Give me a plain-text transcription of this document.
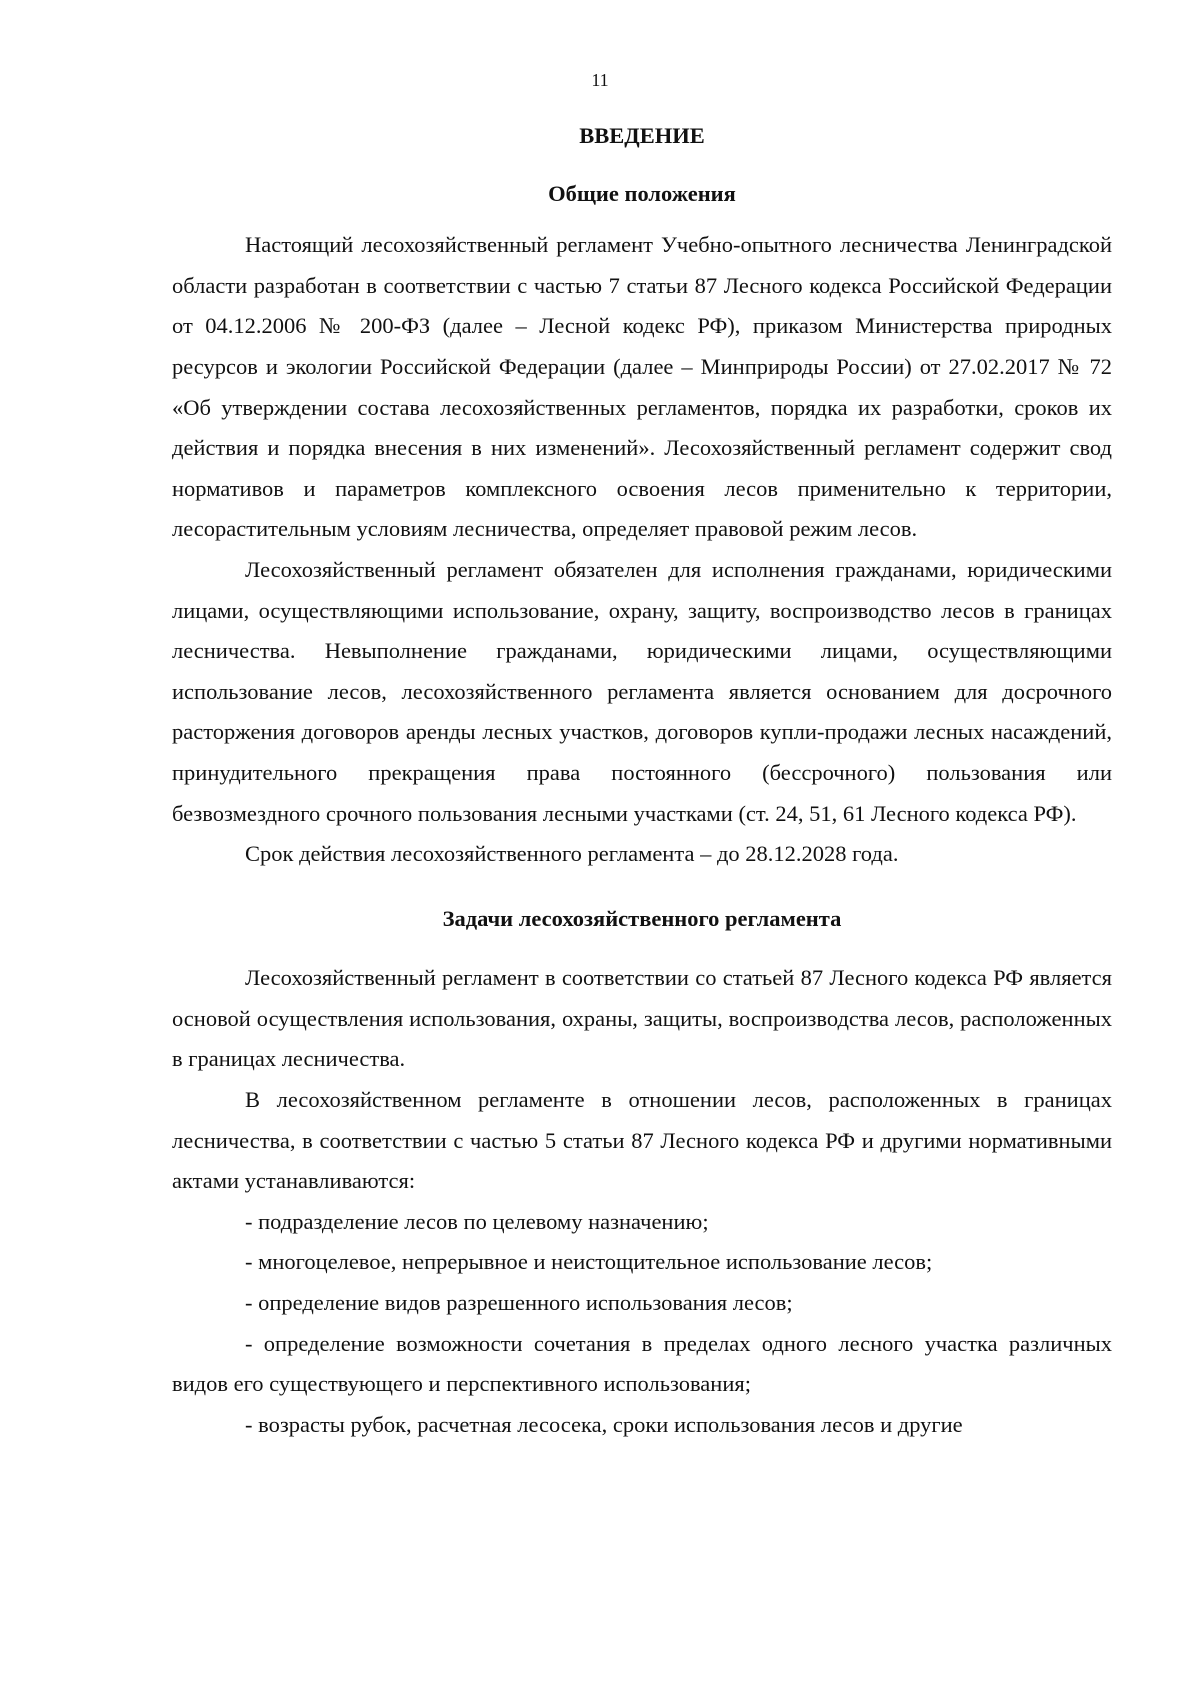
11
ВВЕДЕНИЕ
Общие положения

Настоящий лесохозяйственный регламент Учебно-опытного лесничества Ленинградской области разработан в соответствии с частью 7 статьи 87 Лесного кодекса Российской Федерации от 04.12.2006 № 200-ФЗ (далее – Лесной кодекс РФ), приказом Министерства природных ресурсов и экологии Российской Федерации (далее – Минприроды России) от 27.02.2017 № 72 «Об утверждении состава лесохозяйственных регламентов, порядка их разработки, сроков их действия и порядка внесения в них изменений». Лесохозяйственный регламент содержит свод нормативов и параметров комплексного освоения лесов применительно к территории, лесорастительным условиям лесничества, определяет правовой режим лесов.

Лесохозяйственный регламент обязателен для исполнения гражданами, юридическими лицами, осуществляющими использование, охрану, защиту, воспроизводство лесов в границах лесничества. Невыполнение гражданами, юридическими лицами, осуществляющими использование лесов, лесохозяйственного регламента является основанием для досрочного расторжения договоров аренды лесных участков, договоров купли-продажи лесных насаждений, принудительного прекращения права постоянного (бессрочного) пользования или безвозмездного срочного пользования лесными участками (ст. 24, 51, 61 Лесного кодекса РФ).

Срок действия лесохозяйственного регламента – до 28.12.2028 года.

Задачи лесохозяйственного регламента

Лесохозяйственный регламент в соответствии со статьей 87 Лесного кодекса РФ является основой осуществления использования, охраны, защиты, воспроизводства лесов, расположенных в границах лесничества.

В лесохозяйственном регламенте в отношении лесов, расположенных в границах лесничества, в соответствии с частью 5 статьи 87 Лесного кодекса РФ и другими нормативными актами устанавливаются:

- подразделение лесов по целевому назначению;

- многоцелевое, непрерывное и неистощительное использование лесов;

- определение видов разрешенного использования лесов;

- определение возможности сочетания в пределах одного лесного участка различных видов его существующего и перспективного использования;

- возрасты рубок, расчетная лесосека, сроки использования лесов и другие
